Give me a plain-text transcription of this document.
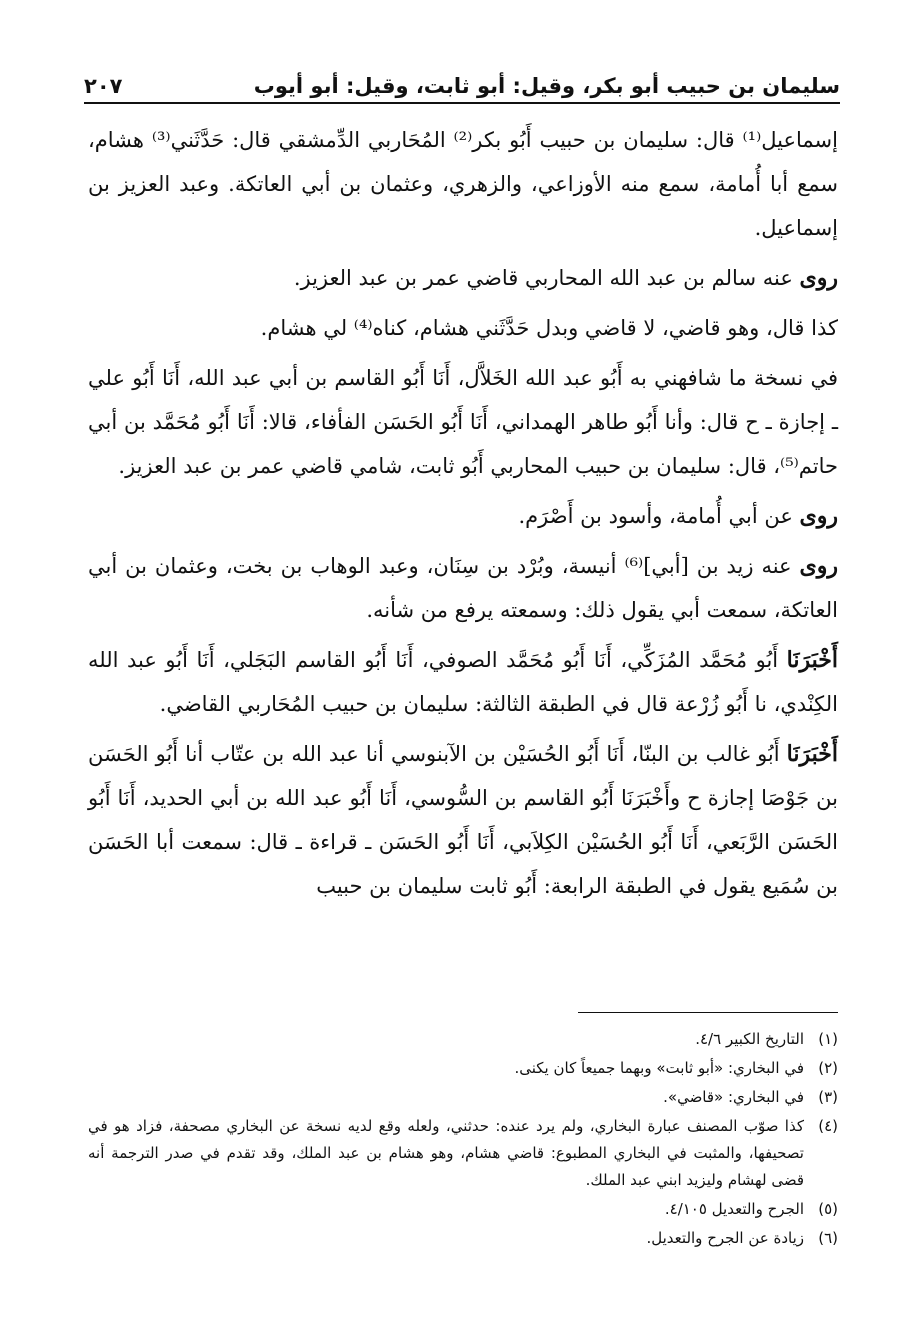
سليمان بن حبيب أبو بكر، وقيل: أبو ثابت، وقيل: أبو أيوب
٢٠٧

إسماعيل⁽¹⁾ قال: سليمان بن حبيب أَبُو بكر⁽²⁾ المُحَاربي الدِّمشقي قال: حَدَّثَني⁽³⁾ هشام، سمع أبا أُمامة، سمع منه الأوزاعي، والزهري، وعثمان بن أبي العاتكة. وعبد العزيز بن إسماعيل.

روى عنه سالم بن عبد الله المحاربي قاضي عمر بن عبد العزيز.

كذا قال، وهو قاضي، لا قاضي وبدل حَدَّثَني هشام، كناه⁽⁴⁾ لي هشام.

في نسخة ما شافهني به أَبُو عبد الله الخَلاَّل، أَنَا أَبُو القاسم بن أبي عبد الله، أَنَا أَبُو علي ـ إجازة ـ ح قال: وأنا أَبُو طاهر الهمداني، أَنَا أَبُو الحَسَن الفأفاء، قالا: أَنَا أَبُو مُحَمَّد بن أبي حاتم⁽⁵⁾، قال: سليمان بن حبيب المحاربي أَبُو ثابت، شامي قاضي عمر بن عبد العزيز.

روى عن أبي أُمامة، وأسود بن أَصْرَم.

روى عنه زيد بن [أبي]⁽⁶⁾ أنيسة، وبُرْد بن سِنَان، وعبد الوهاب بن بخت، وعثمان بن أبي العاتكة، سمعت أبي يقول ذلك: وسمعته يرفع من شأنه.

أَخْبَرَنَا أَبُو مُحَمَّد المُزَكِّي، أَنَا أَبُو مُحَمَّد الصوفي، أَنَا أَبُو القاسم البَجَلي، أَنَا أَبُو عبد الله الكِنْدي، نا أَبُو زُرْعة قال في الطبقة الثالثة: سليمان بن حبيب المُحَاربي القاضي.

أَخْبَرَنَا أَبُو غالب بن البنّا، أَنَا أَبُو الحُسَيْن بن الآبنوسي أنا عبد الله بن عتّاب أنا أَبُو الحَسَن بن جَوْصَا إجازة ح وأَخْبَرَنَا أَبُو القاسم بن السُّوسي، أَنَا أَبُو عبد الله بن أبي الحديد، أَنَا أَبُو الحَسَن الرَّبَعي، أَنَا أَبُو الحُسَيْن الكِلاَبي، أَنَا أَبُو الحَسَن ـ قراءة ـ قال: سمعت أبا الحَسَن بن سُمَيع يقول في الطبقة الرابعة: أَبُو ثابت سليمان بن حبيب

(١)
التاريخ الكبير ٤/٦.
(٢)
في البخاري: «أبو ثابت» وبهما جميعاً كان يكنى.
(٣)
في البخاري: «قاضي».
(٤)
كذا صوّب المصنف عبارة البخاري، ولم يرد عنده: حدثني، ولعله وقع لديه نسخة عن البخاري مصحفة، فزاد هو في تصحيفها، والمثبت في البخاري المطبوع: قاضي هشام، وهو هشام بن عبد الملك، وقد تقدم في صدر الترجمة أنه قضى لهشام وليزيد ابني عبد الملك.
(٥)
الجرح والتعديل ٤/١٠٥.
(٦)
زيادة عن الجرح والتعديل.
